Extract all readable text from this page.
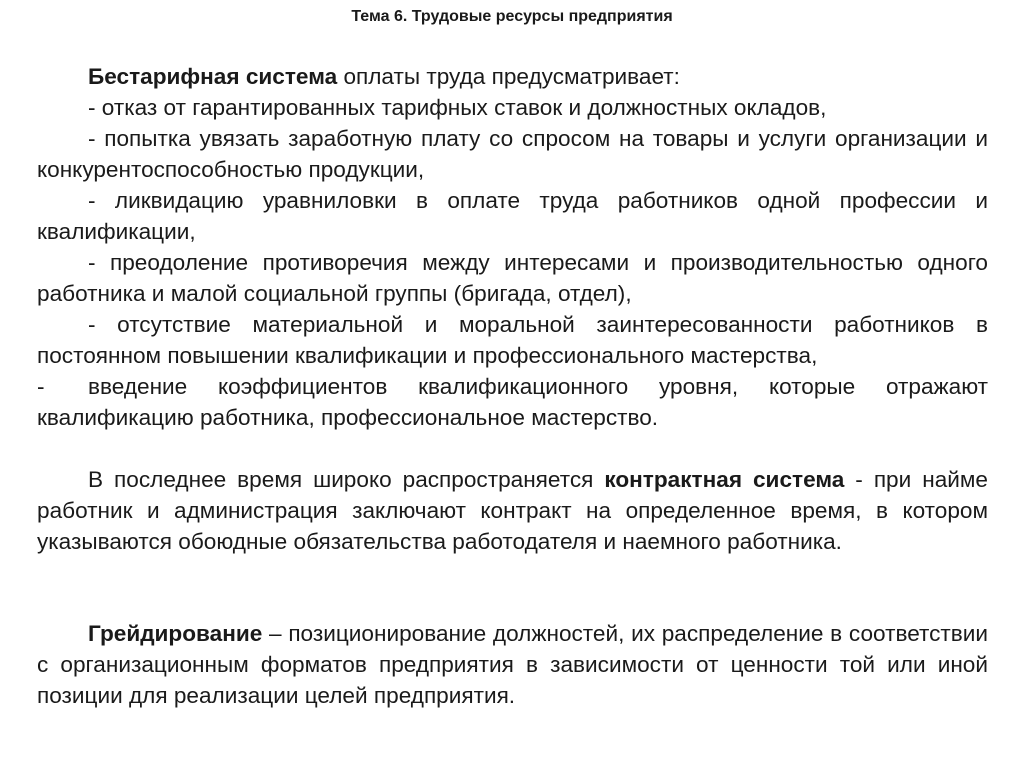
Тема 6. Трудовые ресурсы предприятия

Бестарифная система оплаты труда предусматривает:

- отказ от гарантированных тарифных ставок и должностных окладов,

- попытка увязать заработную плату со спросом на товары и услуги организации и конкурентоспособностью продукции,

- ликвидацию уравниловки в оплате труда работников одной профессии и квалификации,

- преодоление противоречия между интересами и производительностью одного работника и малой социальной группы (бригада, отдел),

- отсутствие материальной и моральной заинтересованности работников в постоянном повышении квалификации и профессионального мастерства,

- введение коэффициентов квалификационного уровня, которые отражают квалификацию работника, профессиональное мастерство.

В последнее время широко распространяется контрактная система - при найме работник и администрация заключают контракт на определенное время, в котором указываются обоюдные обязательства работодателя и наемного работника.

Грейдирование – позиционирование должностей, их распределение в соответствии с организационным форматов предприятия в зависимости от ценности той или иной позиции для реализации целей предприятия.
